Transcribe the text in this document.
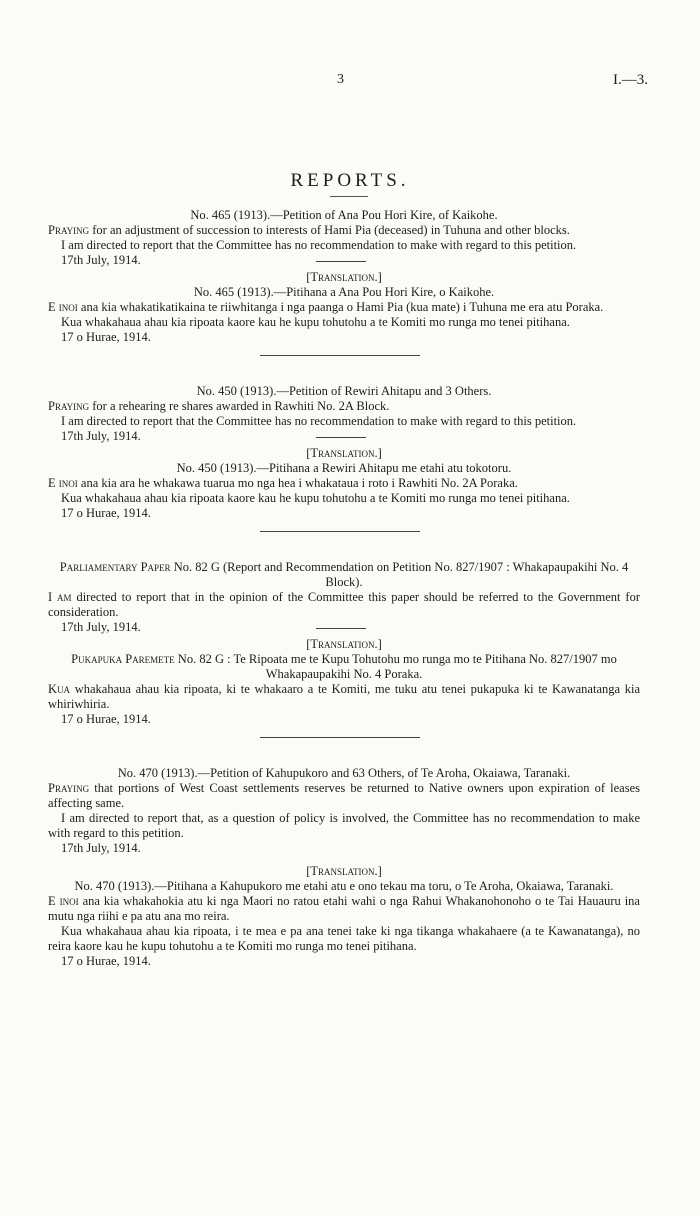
3	I.—3.
REPORTS.

No. 465 (1913).—Petition of Ana Pou Hori Kire, of Kaikohe.

Praying for an adjustment of succession to interests of Hami Pia (deceased) in Tuhuna and other blocks.

I am directed to report that the Committee has no recommendation to make with regard to this petition.

17th July, 1914.

[Translation.]

No. 465 (1913).—Pitihana a Ana Pou Hori Kire, o Kaikohe.

E inoi ana kia whakatikatikaina te riiwhitanga i nga paanga o Hami Pia (kua mate) i Tuhuna me era atu Poraka.

Kua whakahaua ahau kia ripoata kaore kau he kupu tohutohu a te Komiti mo runga mo tenei pitihana.

17 o Hurae, 1914.

No. 450 (1913).—Petition of Rewiri Ahitapu and 3 Others.

Praying for a rehearing re shares awarded in Rawhiti No. 2A Block.

I am directed to report that the Committee has no recommendation to make with regard to this petition.

17th July, 1914.

[Translation.]

No. 450 (1913).—Pitihana a Rewiri Ahitapu me etahi atu tokotoru.

E inoi ana kia ara he whakawa tuarua mo nga hea i whakataua i roto i Rawhiti No. 2A Poraka.

Kua whakahaua ahau kia ripoata kaore kau he kupu tohutohu a te Komiti mo runga mo tenei pitihana.

17 o Hurae, 1914.

Parliamentary Paper No. 82 G (Report and Recommendation on Petition No. 827/1907 : Whakapaupakihi No. 4 Block).

I am directed to report that in the opinion of the Committee this paper should be referred to the Government for consideration.

17th July, 1914.

[Translation.]

Pukapuka Paremete No. 82 G : Te Ripoata me te Kupu Tohutohu mo runga mo te Pitihana No. 827/1907 mo Whakapaupakihi No. 4 Poraka.

Kua whakahaua ahau kia ripoata, ki te whakaaro a te Komiti, me tuku atu tenei pukapuka ki te Kawanatanga kia whiriwhiria.

17 o Hurae, 1914.

No. 470 (1913).—Petition of Kahupukoro and 63 Others, of Te Aroha, Okaiawa, Taranaki.

Praying that portions of West Coast settlements reserves be returned to Native owners upon expiration of leases affecting same.

I am directed to report that, as a question of policy is involved, the Committee has no recommendation to make with regard to this petition.

17th July, 1914.

[Translation.]

No. 470 (1913).—Pitihana a Kahupukoro me etahi atu e ono tekau ma toru, o Te Aroha, Okaiawa, Taranaki.

E inoi ana kia whakahokia atu ki nga Maori no ratou etahi wahi o nga Rahui Whakanohonoho o te Tai Hauauru ina mutu nga riihi e pa atu ana mo reira.

Kua whakahaua ahau kia ripoata, i te mea e pa ana tenei take ki nga tikanga whakahaere (a te Kawanatanga), no reira kaore kau he kupu tohutohu a te Komiti mo runga mo tenei pitihana.

17 o Hurae, 1914.
